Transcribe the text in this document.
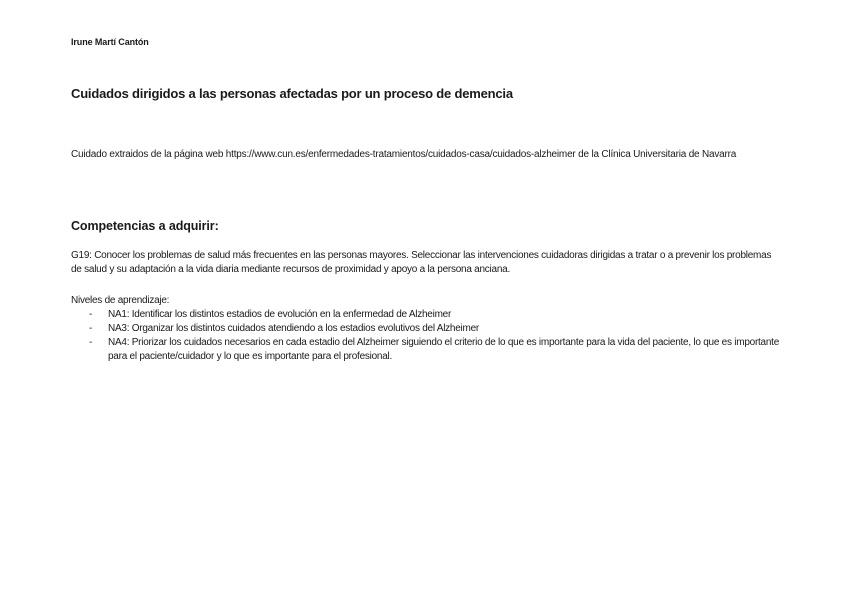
Irune Martí Cantón
Cuidados dirigidos a las personas afectadas por un proceso de demencia
Cuidado extraidos de la página web https://www.cun.es/enfermedades-tratamientos/cuidados-casa/cuidados-alzheimer de la Clínica Universitaria de Navarra
Competencias a adquirir:
G19: Conocer los problemas de salud más frecuentes en las personas mayores. Seleccionar las intervenciones cuidadoras dirigidas a tratar o a prevenir los problemas de salud y su adaptación a la vida diaria mediante recursos de proximidad y apoyo a la persona anciana.
Niveles de aprendizaje:
- NA1: Identificar los distintos estadios de evolución en la enfermedad de Alzheimer
- NA3: Organizar los distintos cuidados atendiendo a los estadios evolutivos del Alzheimer
- NA4: Priorizar los cuidados necesarios en cada estadio del Alzheimer siguiendo el criterio de lo que es importante para la vida del paciente, lo que es importante para el paciente/cuidador y lo que es importante para el profesional.
